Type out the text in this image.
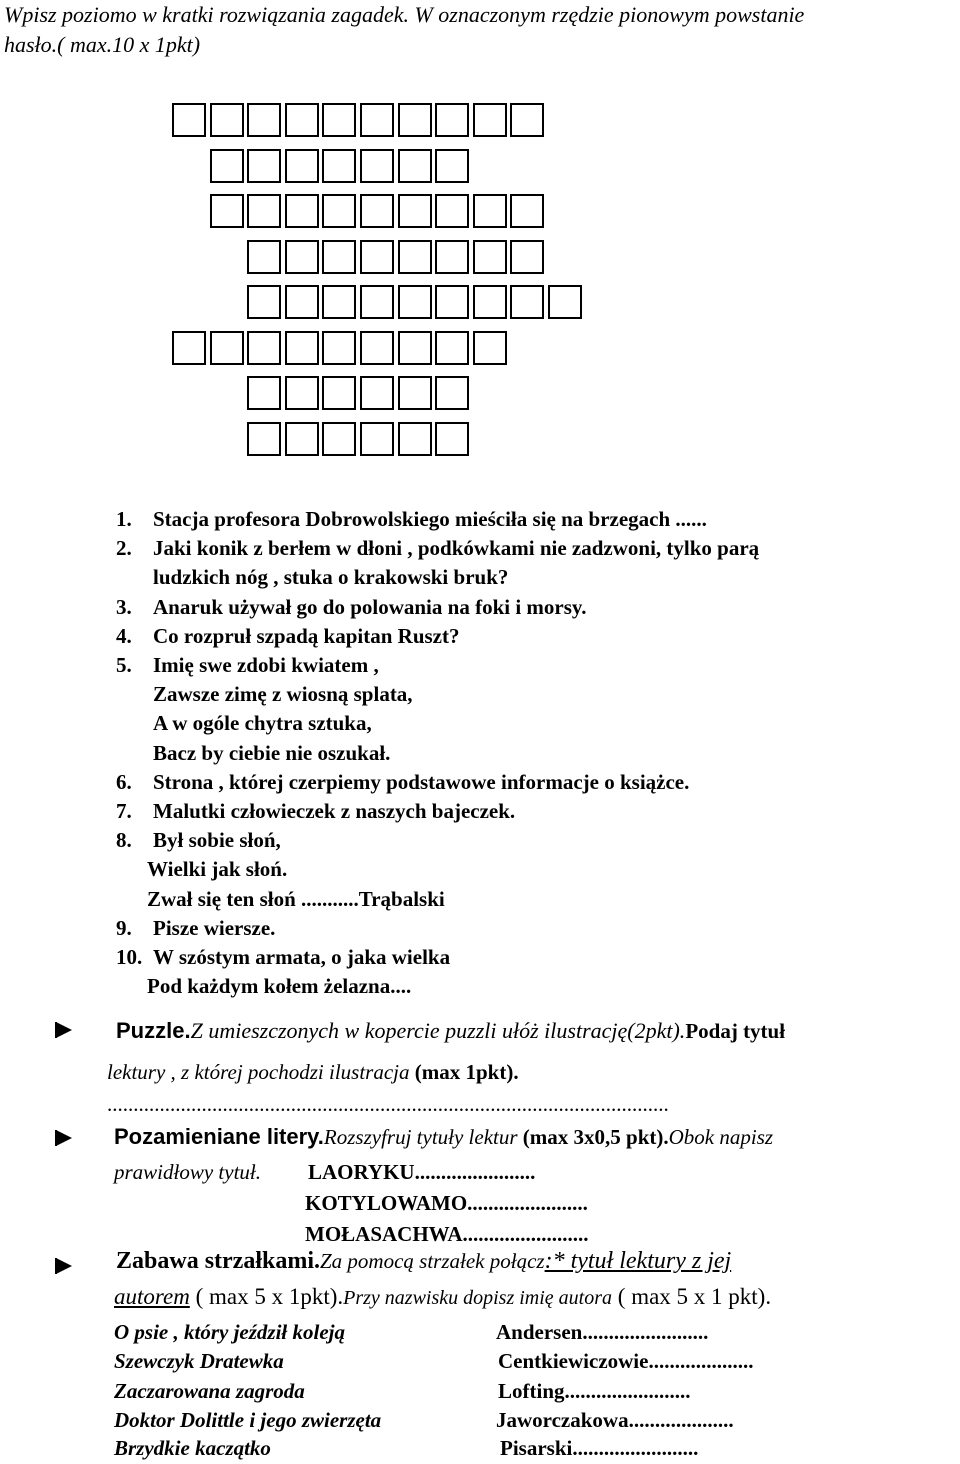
Wpisz poziomo w kratki rozwiązania zagadek. W oznaczonym rzędzie pionowym powstanie
hasło.( max.10 x 1pkt)
1. Stacja profesora Dobrowolskiego mieściła się na brzegach ......
2. Jaki konik z berłem w dłoni , podkówkami nie zadzwoni, tylko parą
ludzkich nóg , stuka o krakowski bruk?
3. Anaruk używał go do polowania na foki i morsy.
4. Co rozpruł szpadą kapitan Ruszt?
5. Imię swe zdobi kwiatem ,
Zawsze zimę z wiosną splata,
A w ogóle chytra sztuka,
Bacz by ciebie nie oszukał.
6. Strona , której czerpiemy podstawowe informacje o książce.
7. Malutki człowieczek z naszych bajeczek.
8. Był sobie słoń,
Wielki jak słoń.
Zwał się ten słoń ...........Trąbalski
9. Pisze wiersze.
10. W szóstym armata, o jaka wielka
Pod każdym kołem żelazna....
Puzzle.Z umieszczonych w kopercie puzzli ułóż ilustrację(2pkt).Podaj tytuł
lektury , z której pochodzi ilustracja (max 1pkt).
...........................................................................................................
Pozamieniane litery.Rozszyfruj tytuły lektur (max 3x0,5 pkt).Obok napisz
prawidłowy tytuł. LAORYKU.......................
KOTYLOWAMO.......................
MOŁASACHWA........................
Zabawa strzałkami.Za pomocą strzałek połącz:* tytuł lektury z jej
autorem ( max 5 x 1pkt).Przy nazwisku dopisz imię autora ( max 5 x 1 pkt).
O psie , który jeździł koleją	Andersen........................
Szewczyk Dratewka	Centkiewiczowie....................
Zaczarowana zagroda	Lofting........................
Doktor Dolittle i jego zwierzęta	Jaworczakowa....................
Brzydkie kaczątko	Pisarski........................
